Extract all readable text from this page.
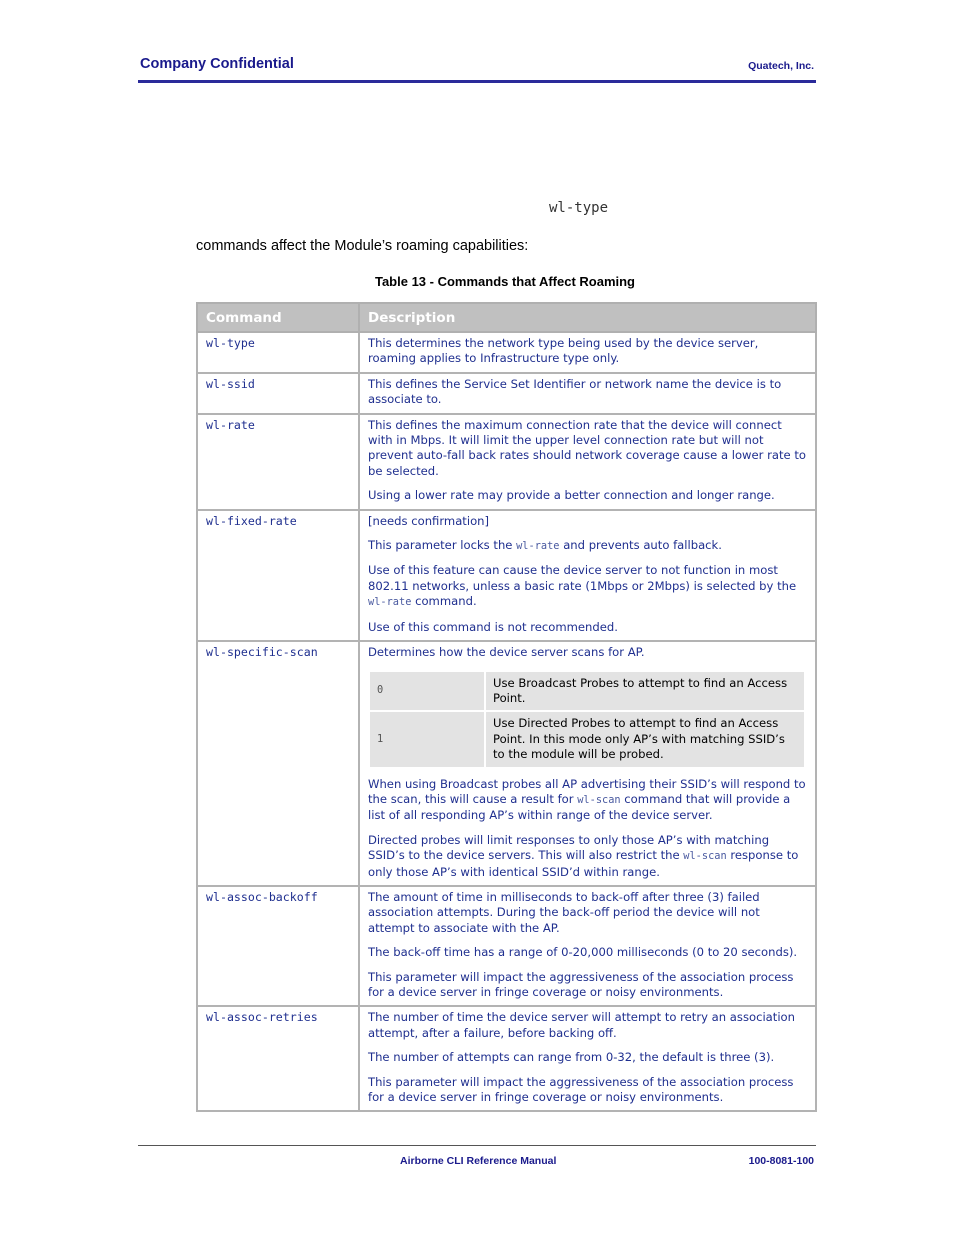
Company Confidential	Quatech, Inc.
wl-type
commands affect the Module’s roaming capabilities:
Table 13 - Commands that Affect Roaming
Command	Description
wl-type	This determines the network type being used by the device server, roaming applies to Infrastructure type only.

wl-ssid	This defines the Service Set Identifier or network name the device is to associate to.

wl-rate	This defines the maximum connection rate that the device will connect with in Mbps. It will limit the upper level connection rate but will not prevent auto-fall back rates should network coverage cause a lower rate to be selected.

Using a lower rate may provide a better connection and longer range.

wl-fixed-rate	[needs confirmation]

This parameter locks the wl-rate and prevents auto fallback.

Use of this feature can cause the device server to not function in most 802.11 networks, unless a basic rate (1Mbps or 2Mbps) is selected by the wl-rate command.

Use of this command is not recommended.

wl-specific-scan	Determines how the device server scans for AP.

0	Use Broadcast Probes to attempt to find an Access Point.
1	Use Directed Probes to attempt to find an Access Point. In this mode only AP’s with matching SSID’s to the module will be probed.

When using Broadcast probes all AP advertising their SSID’s will respond to the scan, this will cause a result for wl-scan command that will provide a list of all responding AP’s within range of the device server.

Directed probes will limit responses to only those AP’s with matching SSID’s to the device servers. This will also restrict the wl-scan response to only those AP’s with identical SSID’d within range.

wl-assoc-backoff	The amount of time in milliseconds to back-off after three (3) failed association attempts. During the back-off period the device will not attempt to associate with the AP.

The back-off time has a range of 0-20,000 milliseconds (0 to 20 seconds).

This parameter will impact the aggressiveness of the association process for a device server in fringe coverage or noisy environments.

wl-assoc-retries	The number of time the device server will attempt to retry an association attempt, after a failure, before backing off.

The number of attempts can range from 0-32, the default is three (3).

This parameter will impact the aggressiveness of the association process for a device server in fringe coverage or noisy environments.

Airborne CLI Reference Manual	100-8081-100
